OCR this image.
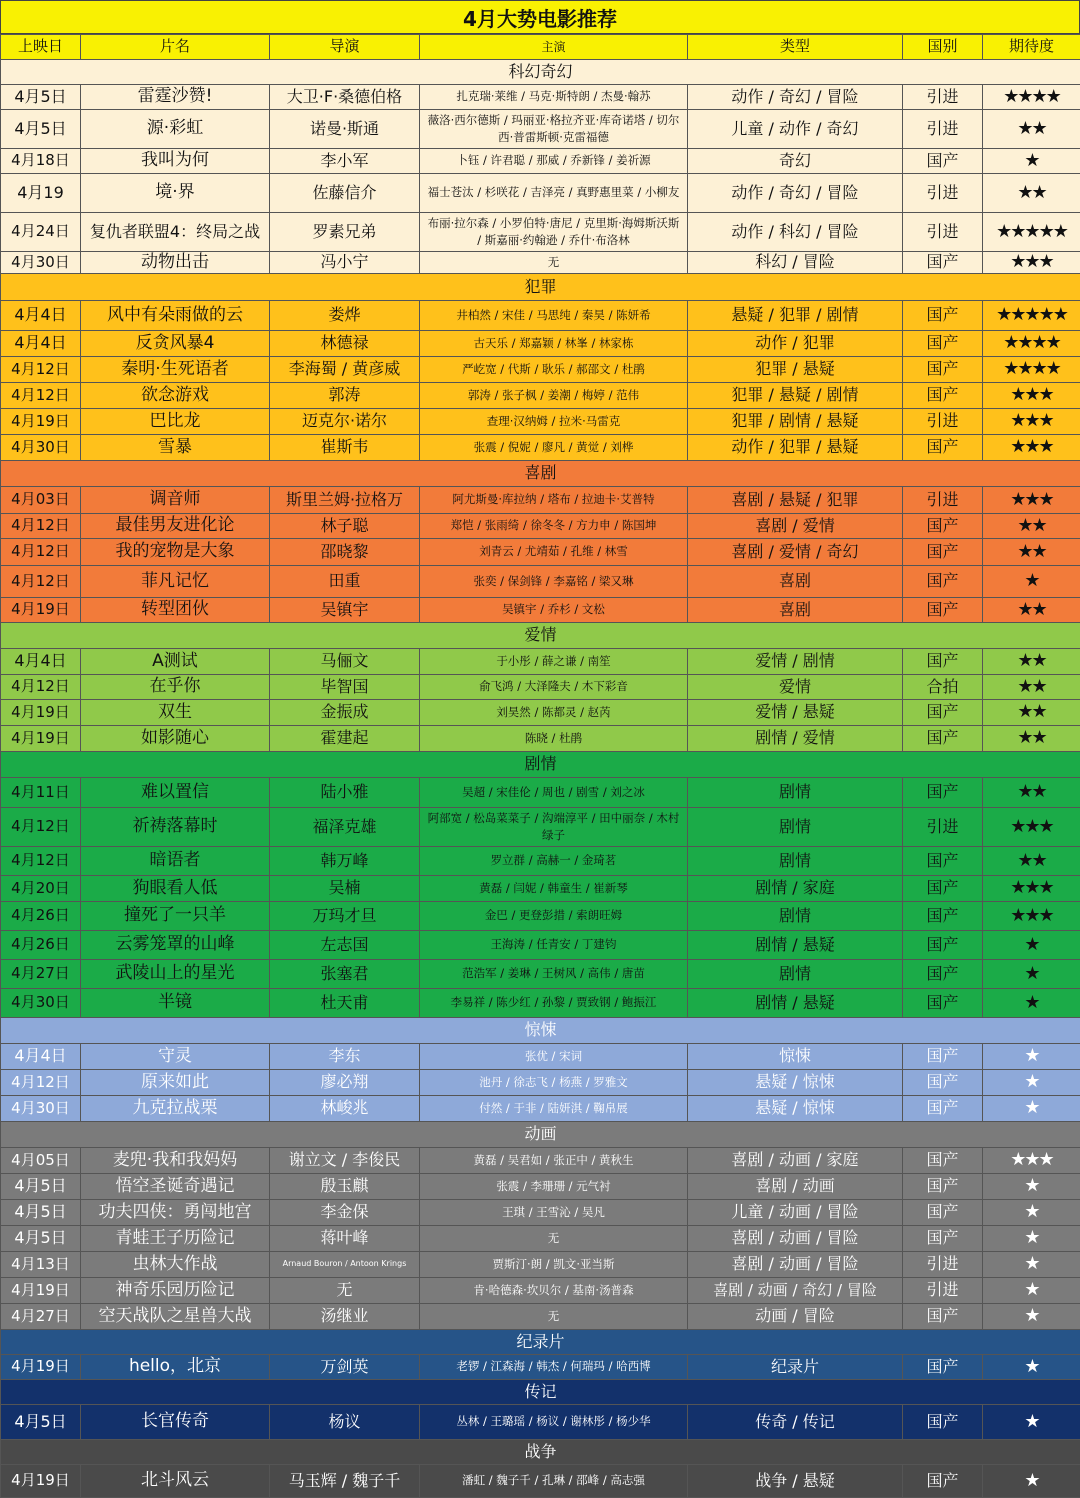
4月大势电影推荐
上映日	片名	导演	主演	类型	国别	期待度
科幻奇幻						
4月5日	雷霆沙赞!	大卫·F·桑德伯格	扎克瑞·莱维 / 马克·斯特朗 / 杰曼·翰苏	动作 / 奇幻 / 冒险	引进	★★★★
4月5日	源·彩虹	诺曼·斯通	薇洛·西尔德斯 / 玛丽亚·格拉齐亚·库奇诺塔 / 切尔西·普雷斯顿·克雷福德	儿童 / 动作 / 奇幻	引进	★★
4月18日	我叫为何	李小军	卜钰 / 许君聪 / 那威 / 乔新锋 / 姜祈源	奇幻	国产	★
4月19	境·界	佐藤信介	福士苍汰 / 杉咲花 / 吉泽亮 / 真野惠里菜 / 小柳友	动作 / 奇幻 / 冒险	引进	★★
4月24日	复仇者联盟4：终局之战	罗素兄弟	布丽·拉尔森 / 小罗伯特·唐尼 / 克里斯·海姆斯沃斯 / 斯嘉丽·约翰逊 / 乔什·布洛林	动作 / 科幻 / 冒险	引进	★★★★★
4月30日	动物出击	冯小宁	无	科幻 / 冒险	国产	★★★
犯罪						
4月4日	风中有朵雨做的云	娄烨	井柏然 / 宋佳 / 马思纯 / 秦昊 / 陈妍希	悬疑 / 犯罪 / 剧情	国产	★★★★★
4月4日	反贪风暴4	林德禄	古天乐 / 郑嘉颖 / 林峯 / 林家栋	动作 / 犯罪	国产	★★★★
4月12日	秦明·生死语者	李海蜀 / 黄彦威	严屹宽 / 代斯 / 耿乐 / 郝邵文 / 杜鹃	犯罪 / 悬疑	国产	★★★★
4月12日	欲念游戏	郭涛	郭涛 / 张子枫 / 姜潮 / 梅婷 / 范伟	犯罪 / 悬疑 / 剧情	国产	★★★
4月19日	巴比龙	迈克尔·诺尔	查理·汉纳姆 / 拉米·马雷克	犯罪 / 剧情 / 悬疑	引进	★★★
4月30日	雪暴	崔斯韦	张震 / 倪妮 / 廖凡 / 黄觉 / 刘桦	动作 / 犯罪 / 悬疑	国产	★★★
喜剧						
4月03日	调音师	斯里兰姆·拉格万	阿尤斯曼·库拉纳 / 塔布 / 拉迪卡·艾普特	喜剧 / 悬疑 / 犯罪	引进	★★★
4月12日	最佳男友进化论	林子聪	郑恺 / 张雨绮 / 徐冬冬 / 方力申 / 陈国坤	喜剧 / 爱情	国产	★★
4月12日	我的宠物是大象	邵晓黎	刘青云 / 尤靖茹 / 孔维 / 林雪	喜剧 / 爱情 / 奇幻	国产	★★
4月12日	菲凡记忆	田重	张奕 / 保剑锋 / 李嘉铭 / 梁又琳	喜剧	国产	★
4月19日	转型团伙	吴镇宇	吴镇宇 / 乔杉 / 文松	喜剧	国产	★★
爱情						
4月4日	A测试	马俪文	于小彤 / 薛之谦 / 南笙	爱情 / 剧情	国产	★★
4月12日	在乎你	毕智国	俞飞鸿 / 大泽隆夫 / 木下彩音	爱情	合拍	★★
4月19日	双生	金振成	刘昊然 / 陈都灵 / 赵芮	爱情 / 悬疑	国产	★★
4月19日	如影随心	霍建起	陈晓 / 杜鹃	剧情 / 爱情	国产	★★
剧情						
4月11日	难以置信	陆小雅	吴超 / 宋佳伦 / 周也 / 剧雪 / 刘之冰	剧情	国产	★★
4月12日	祈祷落幕时	福泽克雄	阿部宽 / 松岛菜菜子 / 沟端淳平 / 田中丽奈 / 木村绿子	剧情	引进	★★★
4月12日	暗语者	韩万峰	罗立群 / 高赫一 / 金琦茗	剧情	国产	★★
4月20日	狗眼看人低	吴楠	黄磊 / 闫妮 / 韩童生 / 崔新琴	剧情 / 家庭	国产	★★★
4月26日	撞死了一只羊	万玛才旦	金巴 / 更登彭措 / 索朗旺姆	剧情	国产	★★★
4月26日	云雾笼罩的山峰	左志国	王海涛 / 任青安 / 丁建钧	剧情 / 悬疑	国产	★
4月27日	武陵山上的星光	张塞君	范浩军 / 姜琳 / 王树风 / 高伟 / 唐苗	剧情	国产	★
4月30日	半镜	杜天甫	李易祥 / 陈少红 / 孙黎 / 贾致钢 / 鲍振江	剧情 / 悬疑	国产	★
惊悚						
4月4日	守灵	李东	张优 / 宋词	惊悚	国产	★
4月12日	原来如此	廖必翔	池丹 / 徐志飞 / 杨燕 / 罗雅文	悬疑 / 惊悚	国产	★
4月30日	九克拉战栗	林峻兆	付然 / 于非 / 陆妍淇 / 鞠帛展	悬疑 / 惊悚	国产	★
动画						
4月05日	麦兜·我和我妈妈	谢立文 / 李俊民	黄磊 / 吴君如 / 张正中 / 黄秋生	喜剧 / 动画 / 家庭	国产	★★★
4月5日	悟空圣诞奇遇记	殷玉麒	张震 / 李珊珊 / 元气衬	喜剧 / 动画	国产	★
4月5日	功夫四侠：勇闯地宫	李金保	王琪 / 王雪沁 / 吴凡	儿童 / 动画 / 冒险	国产	★
4月5日	青蛙王子历险记	蒋叶峰	无	喜剧 / 动画 / 冒险	国产	★
4月13日	虫林大作战	Arnaud Bouron / Antoon Krings	贾斯汀·朗 / 凯文·亚当斯	喜剧 / 动画 / 冒险	引进	★
4月19日	神奇乐园历险记	无	肯·哈德森·坎贝尔 / 基南·汤普森	喜剧 / 动画 / 奇幻 / 冒险	引进	★
4月27日	空天战队之星兽大战	汤继业	无	动画 / 冒险	国产	★
纪录片						
4月19日	hello，北京	万剑英	老锣 / 江森海 / 韩杰 / 何瑞玛 / 哈西博	纪录片	国产	★
传记						
4月5日	长官传奇	杨议	丛林 / 王璐瑶 / 杨议 / 谢林彤 / 杨少华	传奇 / 传记	国产	★
战争						
4月19日	北斗风云	马玉辉 / 魏子千	潘虹 / 魏子千 / 孔琳 / 邵峰 / 高志强	战争 / 悬疑	国产	★
